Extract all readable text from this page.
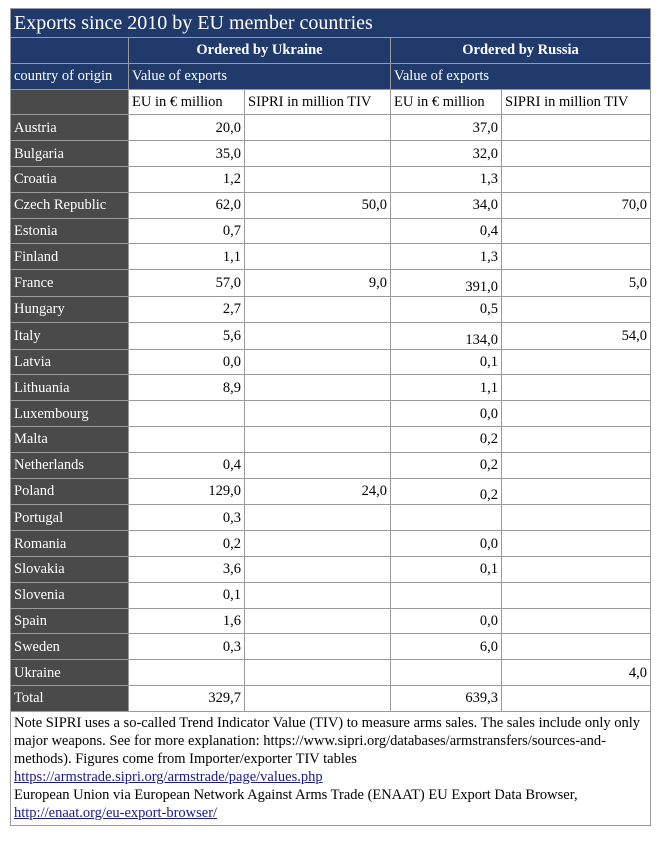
Exports since 2010 by EU member countries				
	Ordered by Ukraine		Ordered by Russia	
country of origin	Value of exports		Value of exports	
	EU in € million	SIPRI in million TIV	EU in € million	SIPRI in million TIV
Austria	20,0		37,0	
Bulgaria	35,0		32,0	
Croatia	1,2		1,3	
Czech Republic	62,0	50,0	34,0	70,0
Estonia	0,7		0,4	
Finland	1,1		1,3	
France	57,0	9,0	391,0	5,0
Hungary	2,7		0,5	
Italy	5,6		134,0	54,0
Latvia	0,0		0,1	
Lithuania	8,9		1,1	
Luxembourg			0,0	
Malta			0,2	
Netherlands	0,4		0,2	
Poland	129,0	24,0	0,2	
Portugal	0,3			
Romania	0,2		0,0	
Slovakia	3,6		0,1	
Slovenia	0,1			
Spain	1,6		0,0	
Sweden	0,3		6,0	
Ukraine				4,0
Total	329,7		639,3	
Note SIPRI uses a so-called Trend Indicator Value (TIV) to measure arms sales. The sales include only only major weapons. See for more explanation: https://www.sipri.org/databases/armstransfers/sources-and-methods). Figures come from Importer/exporter TIV tables https://armstrade.sipri.org/armstrade/page/values.php
European Union via European Network Against Arms Trade (ENAAT) EU Export Data Browser,
http://enaat.org/eu-export-browser/				
